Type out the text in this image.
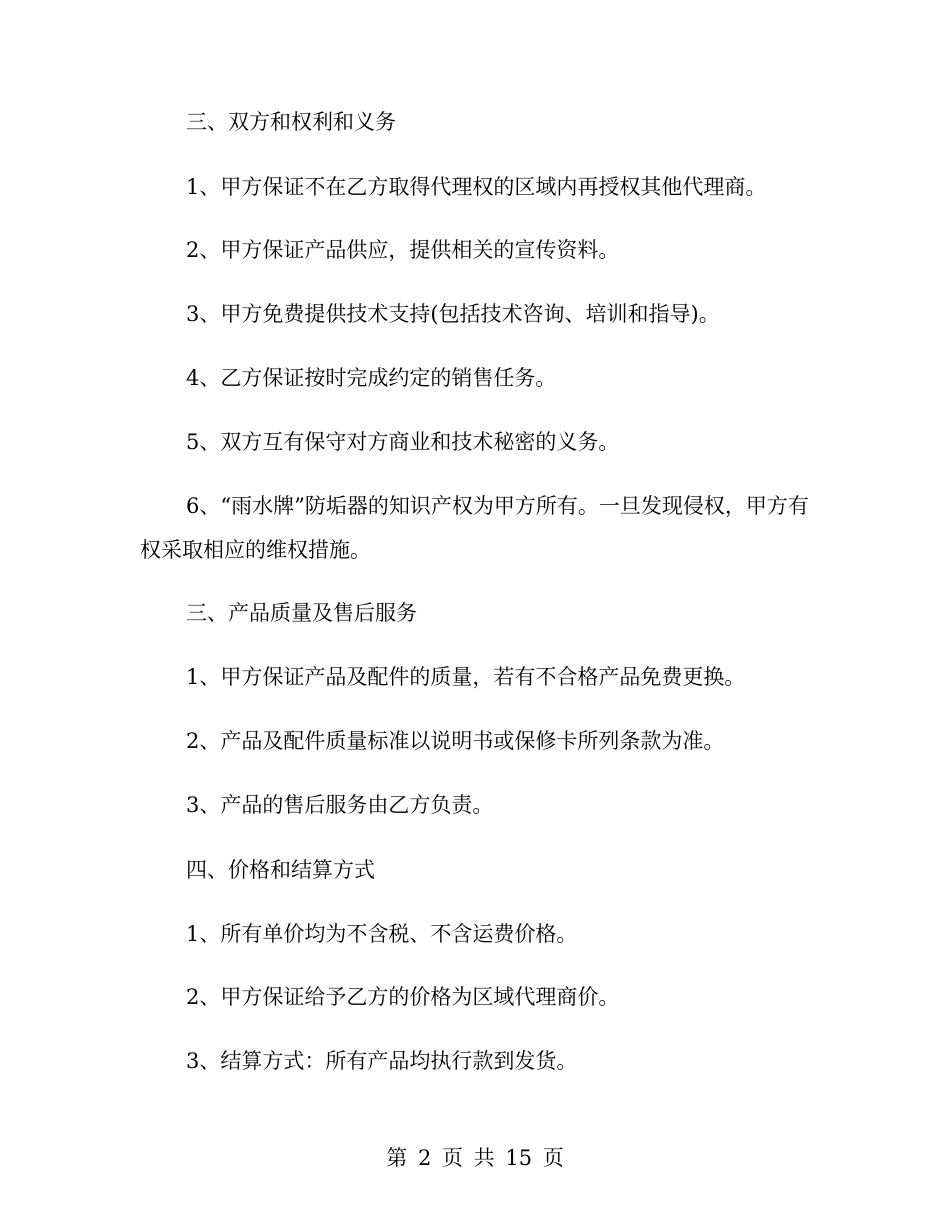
三、双方和权利和义务

1、甲方保证不在乙方取得代理权的区域内再授权其他代理商。

2、甲方保证产品供应，提供相关的宣传资料。

3、甲方免费提供技术支持(包括技术咨询、培训和指导)。

4、乙方保证按时完成约定的销售任务。

5、双方互有保守对方商业和技术秘密的义务。

6、“雨水牌”防垢器的知识产权为甲方所有。一旦发现侵权，甲方有权采取相应的维权措施。

三、产品质量及售后服务

1、甲方保证产品及配件的质量，若有不合格产品免费更换。

2、产品及配件质量标准以说明书或保修卡所列条款为准。

3、产品的售后服务由乙方负责。

四、价格和结算方式

1、所有单价均为不含税、不含运费价格。

2、甲方保证给予乙方的价格为区域代理商价。

3、结算方式：所有产品均执行款到发货。

第 2 页 共 15 页
